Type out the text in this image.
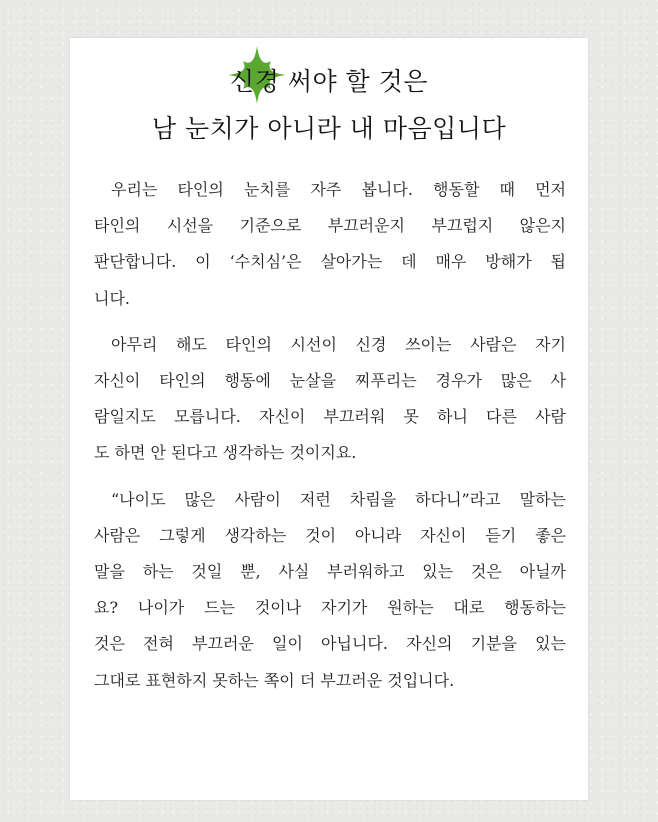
신경 써야 할 것은
남 눈치가 아니라 내 마음입니다
우리는 타인의 눈치를 자주 봅니다. 행동할 때 먼저
타인의 시선을 기준으로 부끄러운지 부끄럽지 않은지
판단합니다. 이 ‘수치심’은 살아가는 데 매우 방해가 됩
니다.
아무리 해도 타인의 시선이 신경 쓰이는 사람은 자기
자신이 타인의 행동에 눈살을 찌푸리는 경우가 많은 사
람일지도 모릅니다. 자신이 부끄러워 못 하니 다른 사람
도 하면 안 된다고 생각하는 것이지요.
“나이도 많은 사람이 저런 차림을 하다니”라고 말하는
사람은 그렇게 생각하는 것이 아니라 자신이 듣기 좋은
말을 하는 것일 뿐, 사실 부러워하고 있는 것은 아닐까
요? 나이가 드는 것이나 자기가 원하는 대로 행동하는
것은 전혀 부끄러운 일이 아닙니다. 자신의 기분을 있는
그대로 표현하지 못하는 쪽이 더 부끄러운 것입니다.
